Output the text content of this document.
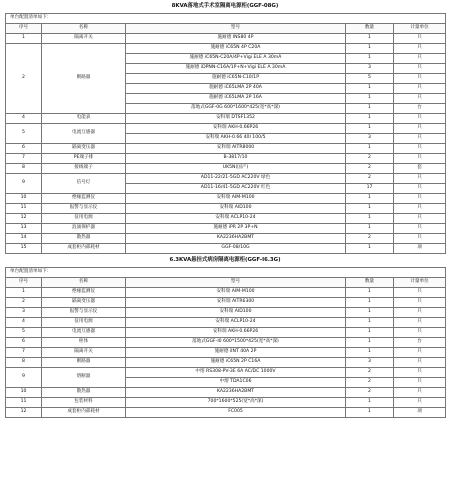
8KVA落地式手术室隔离电源柜(GGF-08G)
单台配置清单如下：				
序号	名称	型号	数量	计量单位
1	隔离开关	施耐德 INS80 4P	1	只
2	断路器	施耐德 iC65N 4P C20A	1	只
		施耐德 iC65N-C20A/4P+Vigi ELE A 30mA	1	只
		施耐德 iDPNN-C16A/1P+N+Vigi ELE A 30mA	3	只
		施耐德 iC65N-C10/1P	5	只
		施耐德 iC65LMA 2P 40A	1	只
		施耐德 iC65LMA 2P 16A	1	只
		落地式GGF-0G 600*1600*425(宽*高*深)	1	台
4	电能表	安科瑞 DTSF1352	1	只
5	电流互感器	安科瑞 AKH-0.66P26	1	只
		安科瑞 AKH-0.66 40I 100/5	3	只
6	隔离变压器	安科瑞 AITR8000	1	只
7	PE端子排	B-3817/10	2	只
8	接线端子	UK5N(国产)	2	套
9	信号灯	AD11-22/21-5GD AC220V 绿色	2	只
		AD11-16/41-5GD AC220V 红色	17	只
10	绝缘监测仪	安科瑞 AIM-M100	1	只
11	报警与显示仪	安科瑞 AID100	1	只
12	仪用电源	安科瑞 ACLP10-24	1	只
13	浪涌保护器	施耐德 iPR 2P 3P+N	1	只
14	散热器	KA2236HA2BMT	2	只
15	成套柜内部耗材	GGF-08/10G	1	项
6.3KVA悬挂式病房隔离电源柜(GGF-I6.3G)
单台配置清单如下：				
序号	名称	型号	数量	计量单位
1	绝缘监测仪	安科瑞 AIM-M100	1	只
2	隔离变压器	安科瑞 AITR6300	1	只
3	报警与显示仪	安科瑞 AID100	1	只
4	仪用电源	安科瑞 ACLP10-24	1	只
5	电流互感器	安科瑞 AKH-0.66P26	1	只
6	柜体	落地式GGF-I0 600*1500*425(宽*高*深)	1	台
7	隔离开关	施耐德 iINT 40A 2P	1	只
8	断路器	施耐德 iC65N 2P C16A	3	只
9	熔断器	中熔 RS308-PV-3E 6A AC/DC 1000V	2	只
		中熔 TDA1C06	2	只
10	散热器	KA2236HA2BMT	2	只
11	包装材料	700*1600*525(宽*高*深)	1	只
12	成套柜内部耗材	FC005	1	项
